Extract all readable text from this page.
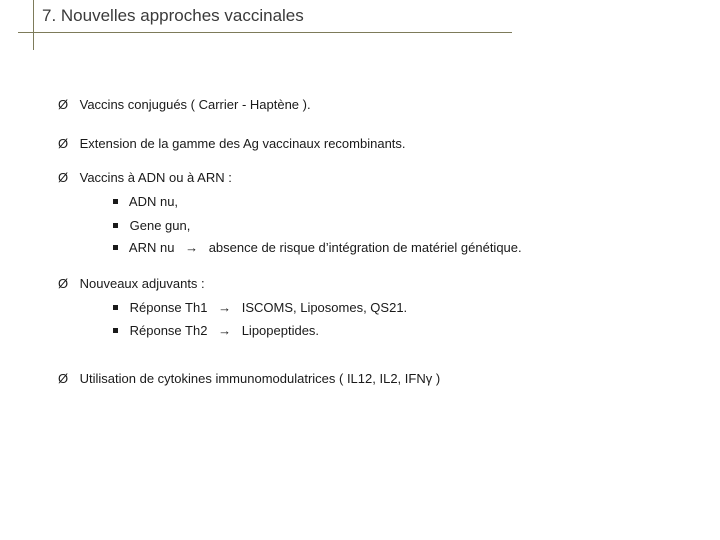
7. Nouvelles approches vaccinales
Ø Vaccins conjugués ( Carrier - Haptène ).
Ø Extension de la gamme des Ag vaccinaux recombinants.
Ø Vaccins à ADN ou à ARN :
ADN nu,
Gene gun,
ARN nu → absence de risque d’intégration de matériel génétique.
Ø Nouveaux adjuvants :
Réponse Th1 → ISCOMS, Liposomes, QS21.
Réponse Th2 → Lipopeptides.
Ø Utilisation de cytokines immunomodulatrices ( IL12, IL2, IFNγ )
